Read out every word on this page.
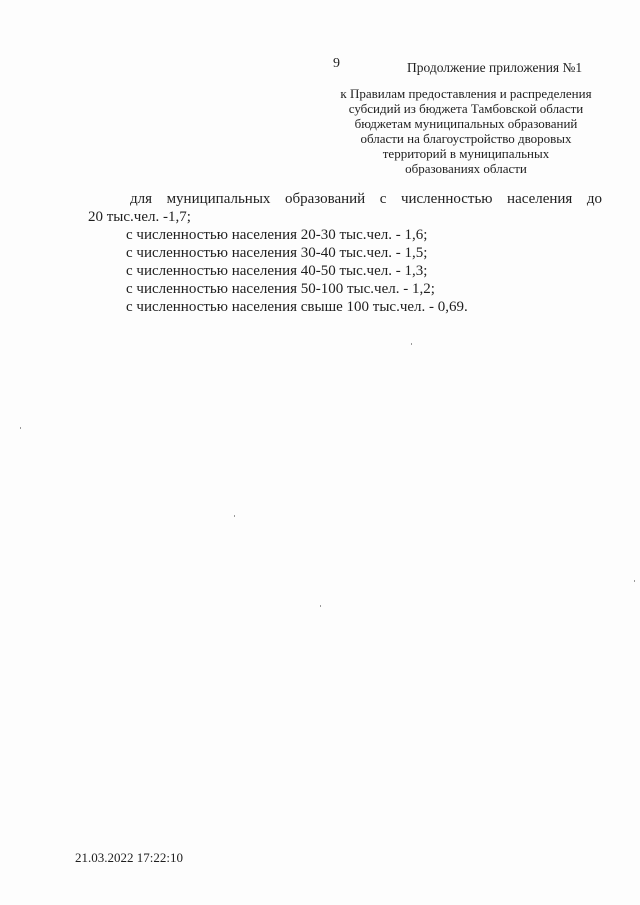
9	Продолжение приложения №1
к Правилам предоставления и распределения
субсидий из бюджета Тамбовской области
бюджетам муниципальных образований
области на благоустройство дворовых
территорий в муниципальных
образованиях области
для муниципальных образований с численностью населения до
20 тыс.чел. -1,7;
с численностью населения 20-30 тыс.чел. - 1,6;
с численностью населения 30-40 тыс.чел. - 1,5;
с численностью населения 40-50 тыс.чел. - 1,3;
с численностью населения 50-100 тыс.чел. - 1,2;
с численностью населения свыше 100 тыс.чел. - 0,69.
21.03.2022 17:22:10
